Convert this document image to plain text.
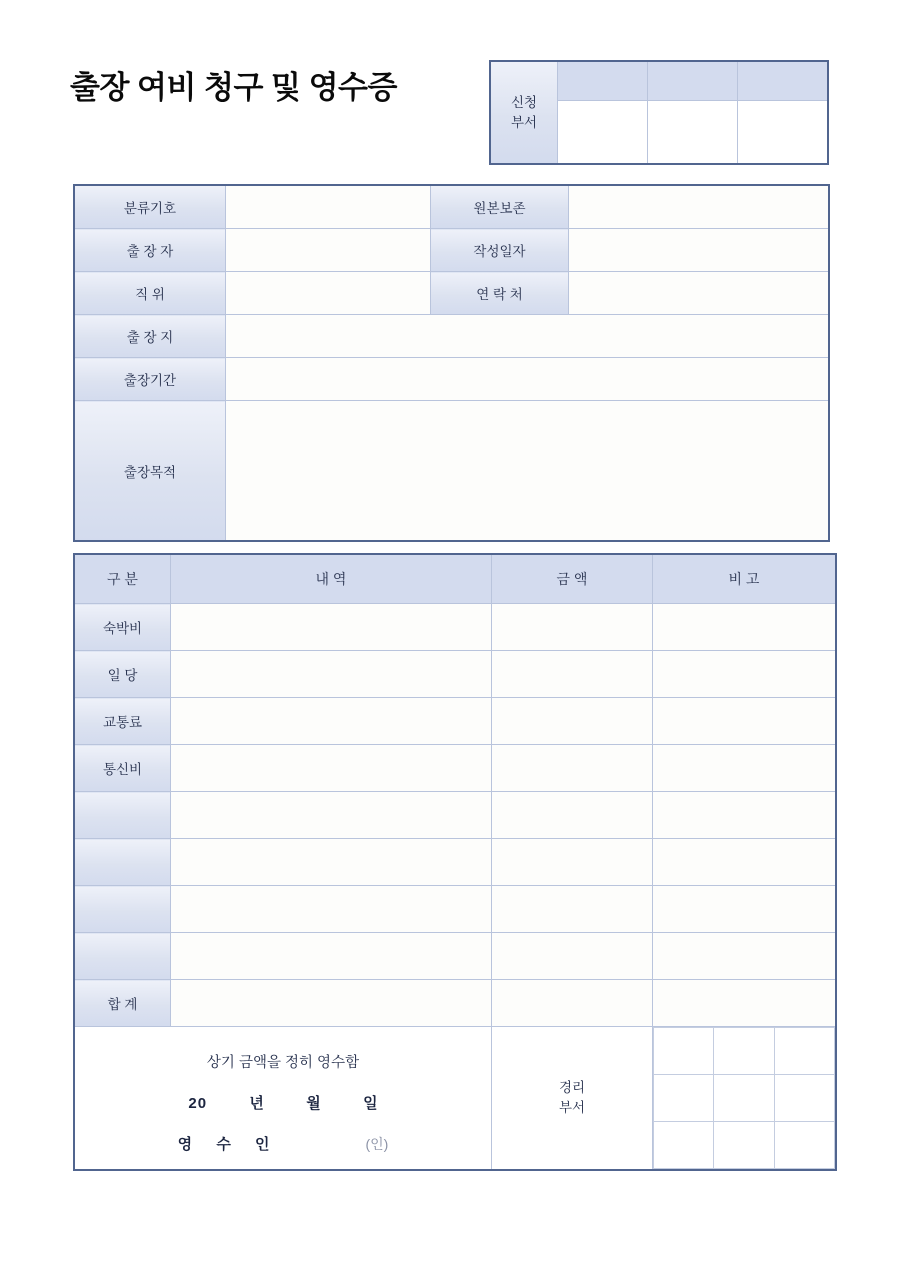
출장 여비 청구 및 영수증	신청
부서			

분류기호		원본보존	
출 장 자		작성일자	
직 위		연 락 처	
출 장 지			
출장기간			
출장목적			
구 분	내 역	금 액	비 고
숙박비			
일 당			
교통료			
통신비			

합 계			

상기 금액을 정히 영수함
20	년	월	일
영 수 인	(인)
	경리
부서	
